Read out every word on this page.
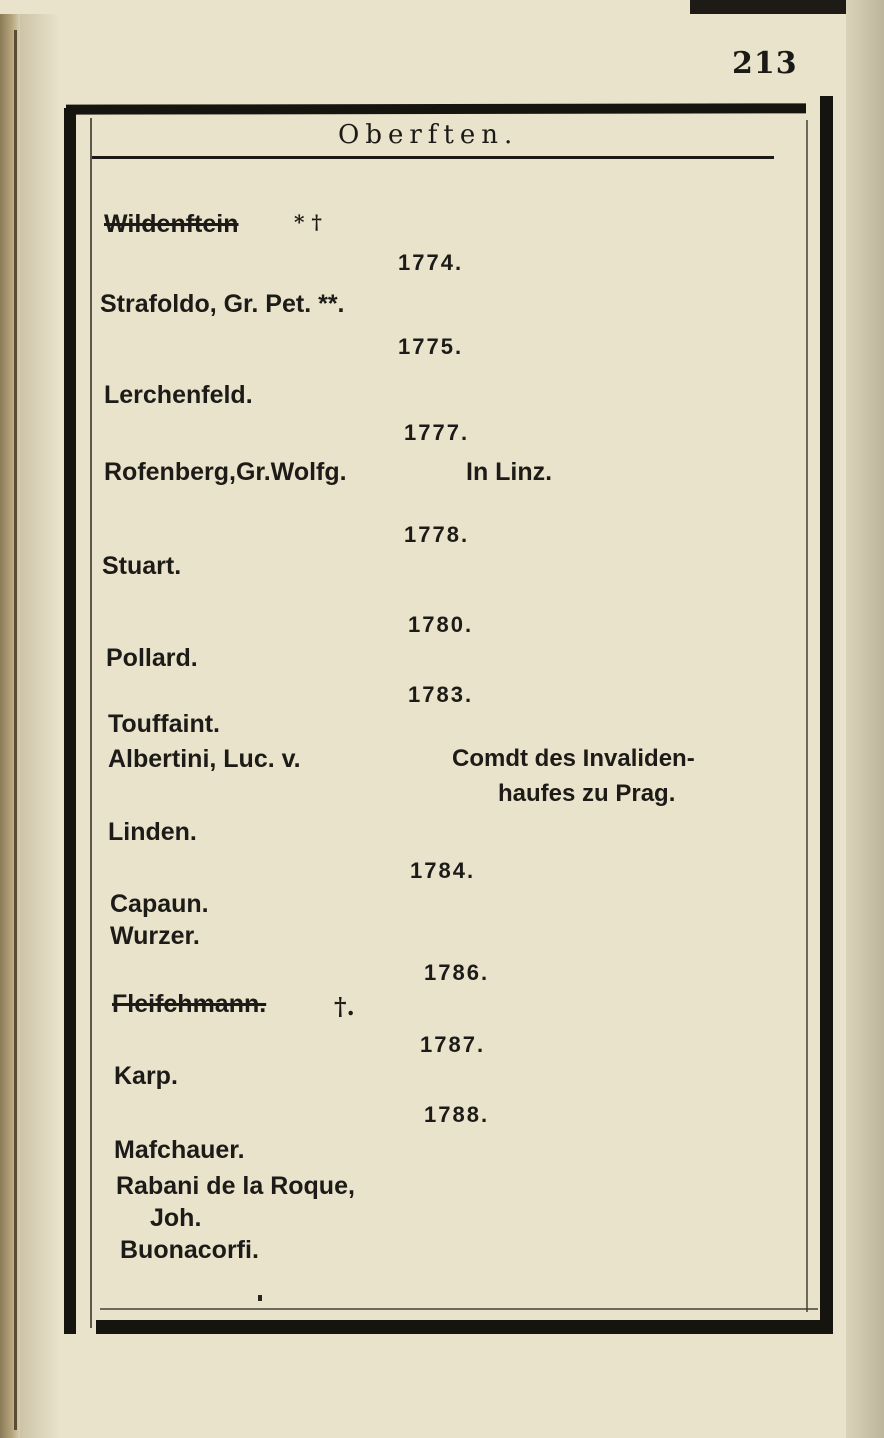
213
Oberften.
Wildenftein	* †
1774.
Strafoldo, Gr. Pet. **.
1775.
Lerchenfeld.
1777.
Rofenberg,Gr.Wolfg.	In Linz.
1778.
Stuart.
1780.
Pollard.
1783.
Touffaint.
Albertini, Luc. v.	Comdt des Invaliden-
haufes zu Prag.
Linden.
1784.
Capaun.
Wurzer.
1786.
Fleifchmann.	†.
1787.
Karp.
1788.
Mafchauer.
Rabani de la Roque,
Joh.
Buonacorfi.
